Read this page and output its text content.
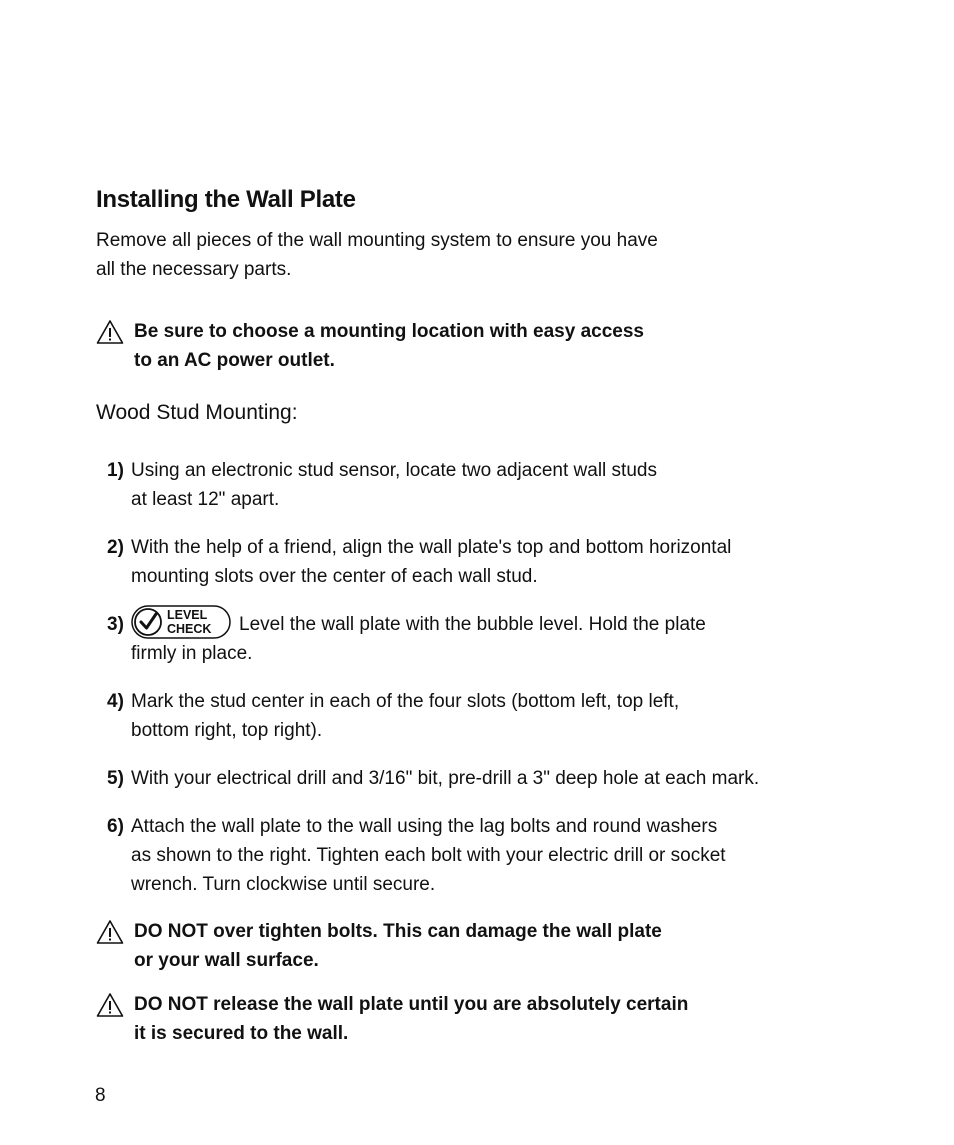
Installing the Wall Plate
Remove all pieces of the wall mounting system to ensure you have
all the necessary parts.
Be sure to choose a mounting location with easy access
to an AC power outlet.
Wood Stud Mounting:
1) Using an electronic stud sensor, locate two adjacent wall studs
at least 12" apart.
2) With the help of a friend, align the wall plate's top and bottom horizontal
mounting slots over the center of each wall stud.
3)	LEVEL
CHECK Level the wall plate with the bubble level. Hold the plate
firmly in place.
4) Mark the stud center in each of the four slots (bottom left, top left,
bottom right, top right).
5) With your electrical drill and 3/16" bit, pre-drill a 3" deep hole at each mark.
6) Attach the wall plate to the wall using the lag bolts and round washers
as shown to the right. Tighten each bolt with your electric drill or socket
wrench. Turn clockwise until secure.
DO NOT over tighten bolts. This can damage the wall plate
or your wall surface.
DO NOT release the wall plate until you are absolutely certain
it is secured to the wall.
8
